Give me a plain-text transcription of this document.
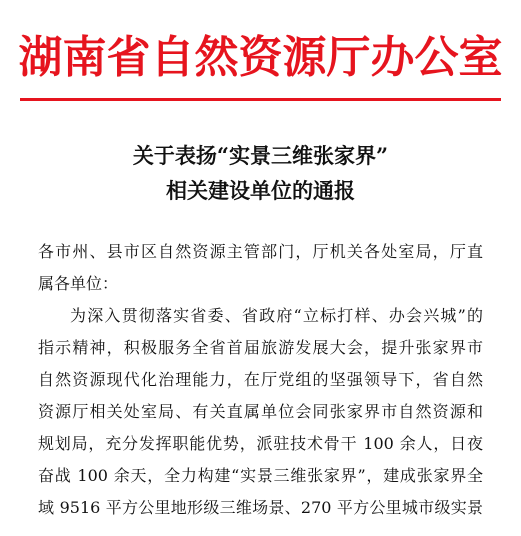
湖南省自然资源厅办公室
关于表扬“实景三维张家界”
相关建设单位的通报
各市州、县市区自然资源主管部门，厅机关各处室局，厅直
属各单位：
为深入贯彻落实省委、省政府“立标打样、办会兴城”的
指示精神，积极服务全省首届旅游发展大会，提升张家界市
自然资源现代化治理能力，在厅党组的坚强领导下，省自然
资源厅相关处室局、有关直属单位会同张家界市自然资源和
规划局，充分发挥职能优势，派驻技术骨干 100 余人，日夜
奋战 100 余天，全力构建“实景三维张家界”，建成张家界全
域 9516 平方公里地形级三维场景、270 平方公里城市级实景
